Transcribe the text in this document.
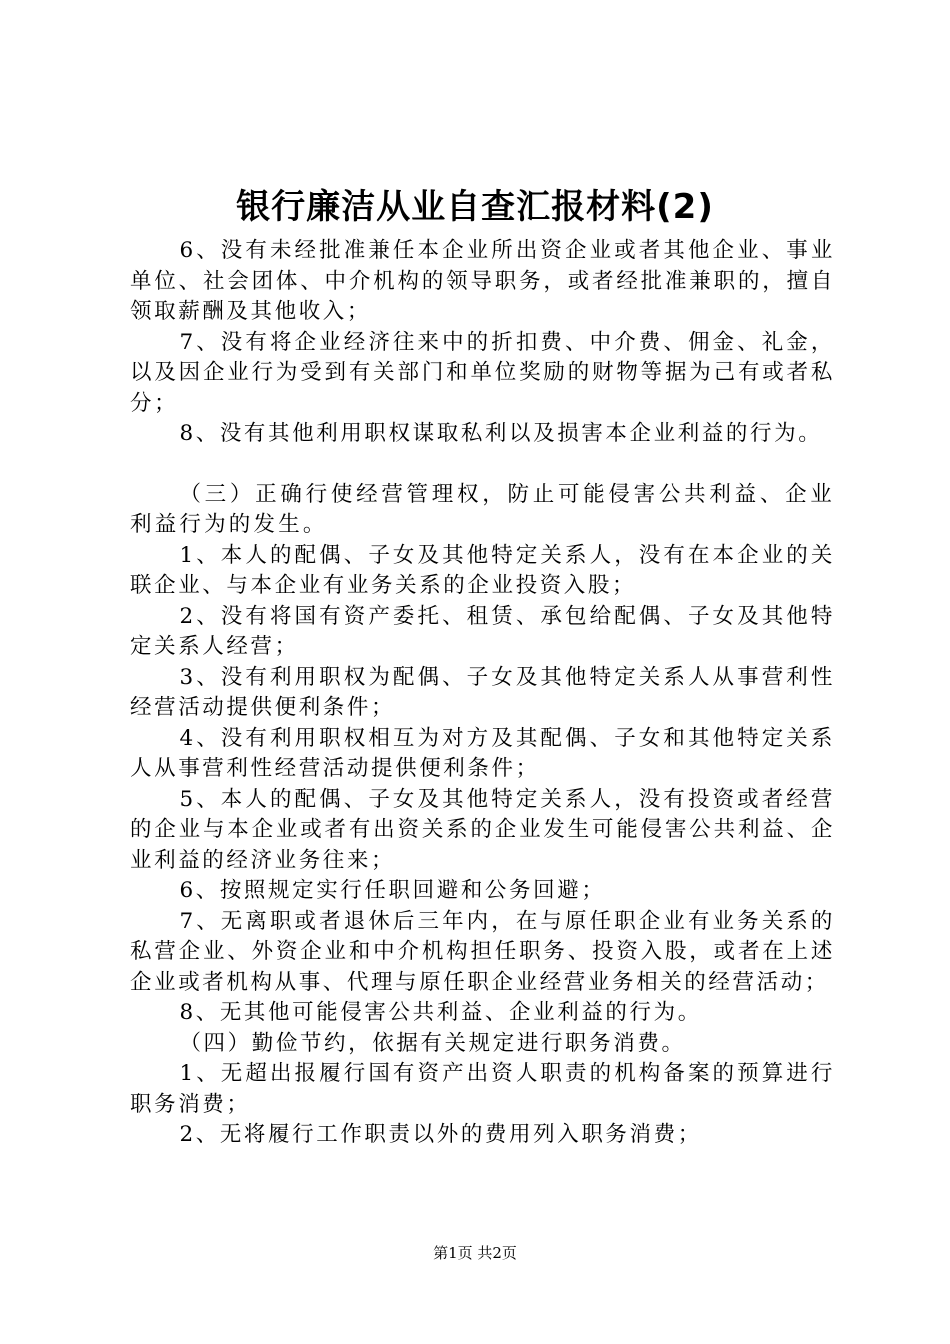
银行廉洁从业自查汇报材料(2)

6、没有未经批准兼任本企业所出资企业或者其他企业、事业单位、社会团体、中介机构的领导职务，或者经批准兼职的，擅自领取薪酬及其他收入；

7、没有将企业经济往来中的折扣费、中介费、佣金、礼金，以及因企业行为受到有关部门和单位奖励的财物等据为己有或者私分；

8、没有其他利用职权谋取私利以及损害本企业利益的行为。

（三）正确行使经营管理权，防止可能侵害公共利益、企业利益行为的发生。

1、本人的配偶、子女及其他特定关系人，没有在本企业的关联企业、与本企业有业务关系的企业投资入股；

2、没有将国有资产委托、租赁、承包给配偶、子女及其他特定关系人经营；

3、没有利用职权为配偶、子女及其他特定关系人从事营利性经营活动提供便利条件；

4、没有利用职权相互为对方及其配偶、子女和其他特定关系人从事营利性经营活动提供便利条件；

5、本人的配偶、子女及其他特定关系人，没有投资或者经营的企业与本企业或者有出资关系的企业发生可能侵害公共利益、企业利益的经济业务往来；

6、按照规定实行任职回避和公务回避；

7、无离职或者退休后三年内，在与原任职企业有业务关系的私营企业、外资企业和中介机构担任职务、投资入股，或者在上述企业或者机构从事、代理与原任职企业经营业务相关的经营活动；

8、无其他可能侵害公共利益、企业利益的行为。

（四）勤俭节约，依据有关规定进行职务消费。

1、无超出报履行国有资产出资人职责的机构备案的预算进行职务消费；

2、无将履行工作职责以外的费用列入职务消费；

第1页 共2页
